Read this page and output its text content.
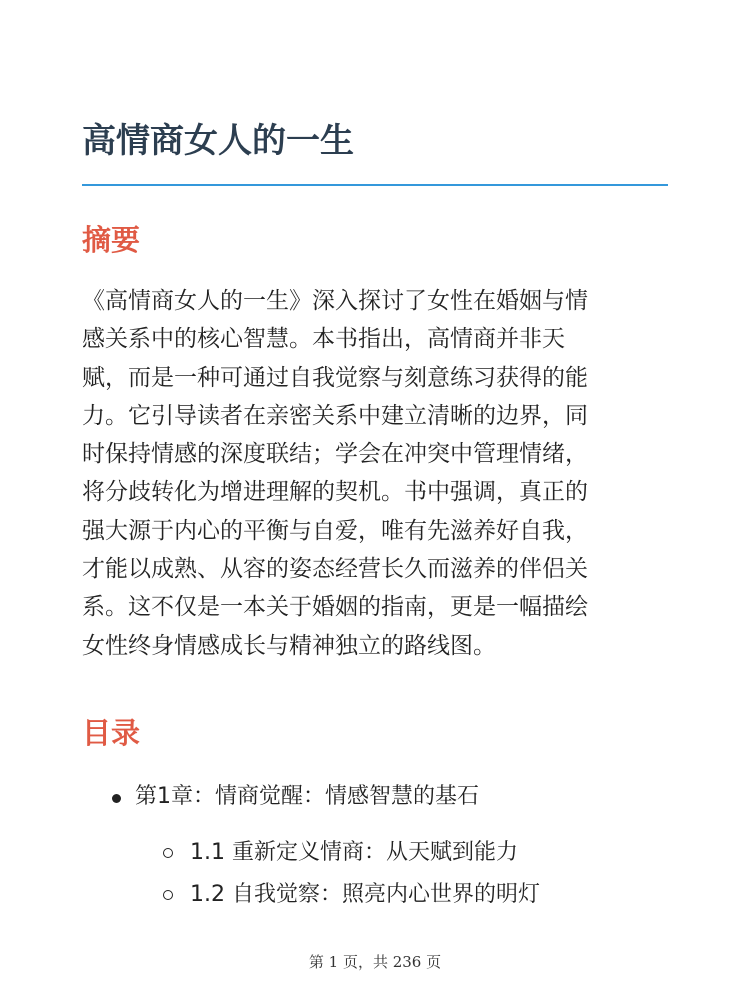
高情商女人的一生
摘要

《高情商女人的一生》深入探讨了女性在婚姻与情
感关系中的核心智慧。本书指出，高情商并非天
赋，而是一种可通过自我觉察与刻意练习获得的能
力。它引导读者在亲密关系中建立清晰的边界，同
时保持情感的深度联结；学会在冲突中管理情绪，
将分歧转化为增进理解的契机。书中强调，真正的
强大源于内心的平衡与自爱，唯有先滋养好自我，
才能以成熟、从容的姿态经营长久而滋养的伴侣关
系。这不仅是一本关于婚姻的指南，更是一幅描绘
女性终身情感成长与精神独立的路线图。

目录
第1章：情商觉醒：情感智慧的基石
1.1 重新定义情商：从天赋到能力
1.2 自我觉察：照亮内心世界的明灯
第 1 页，共 236 页
